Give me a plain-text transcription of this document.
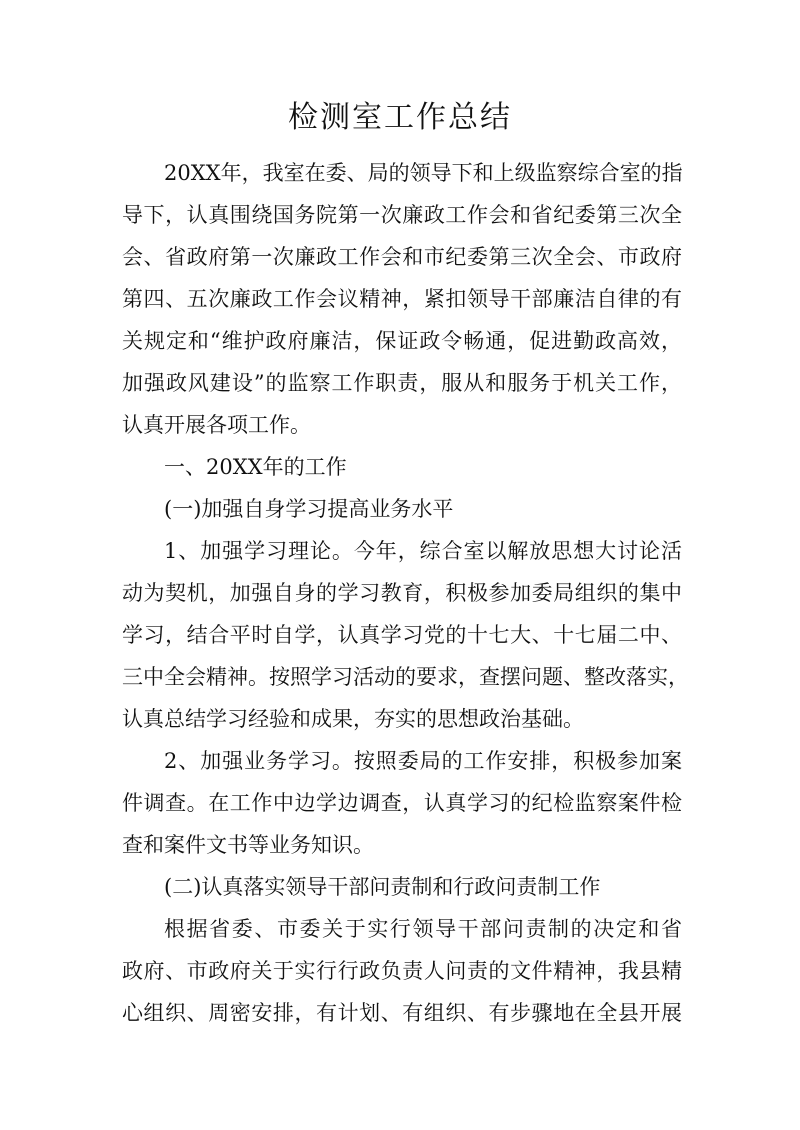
检测室工作总结
20XX年，我室在委、局的领导下和上级监察综合室的指
导下，认真围绕国务院第一次廉政工作会和省纪委第三次全
会、省政府第一次廉政工作会和市纪委第三次全会、市政府
第四、五次廉政工作会议精神，紧扣领导干部廉洁自律的有
关规定和“维护政府廉洁，保证政令畅通，促进勤政高效，
加强政风建设”的监察工作职责，服从和服务于机关工作，
认真开展各项工作。
一、20XX年的工作
(一)加强自身学习提高业务水平
1、加强学习理论。今年，综合室以解放思想大讨论活
动为契机，加强自身的学习教育，积极参加委局组织的集中
学习，结合平时自学，认真学习党的十七大、十七届二中、
三中全会精神。按照学习活动的要求，查摆问题、整改落实，
认真总结学习经验和成果，夯实的思想政治基础。
2、加强业务学习。按照委局的工作安排，积极参加案
件调查。在工作中边学边调查，认真学习的纪检监察案件检
查和案件文书等业务知识。
(二)认真落实领导干部问责制和行政问责制工作
根据省委、市委关于实行领导干部问责制的决定和省
政府、市政府关于实行行政负责人问责的文件精神，我县精
心组织、周密安排，有计划、有组织、有步骤地在全县开展
